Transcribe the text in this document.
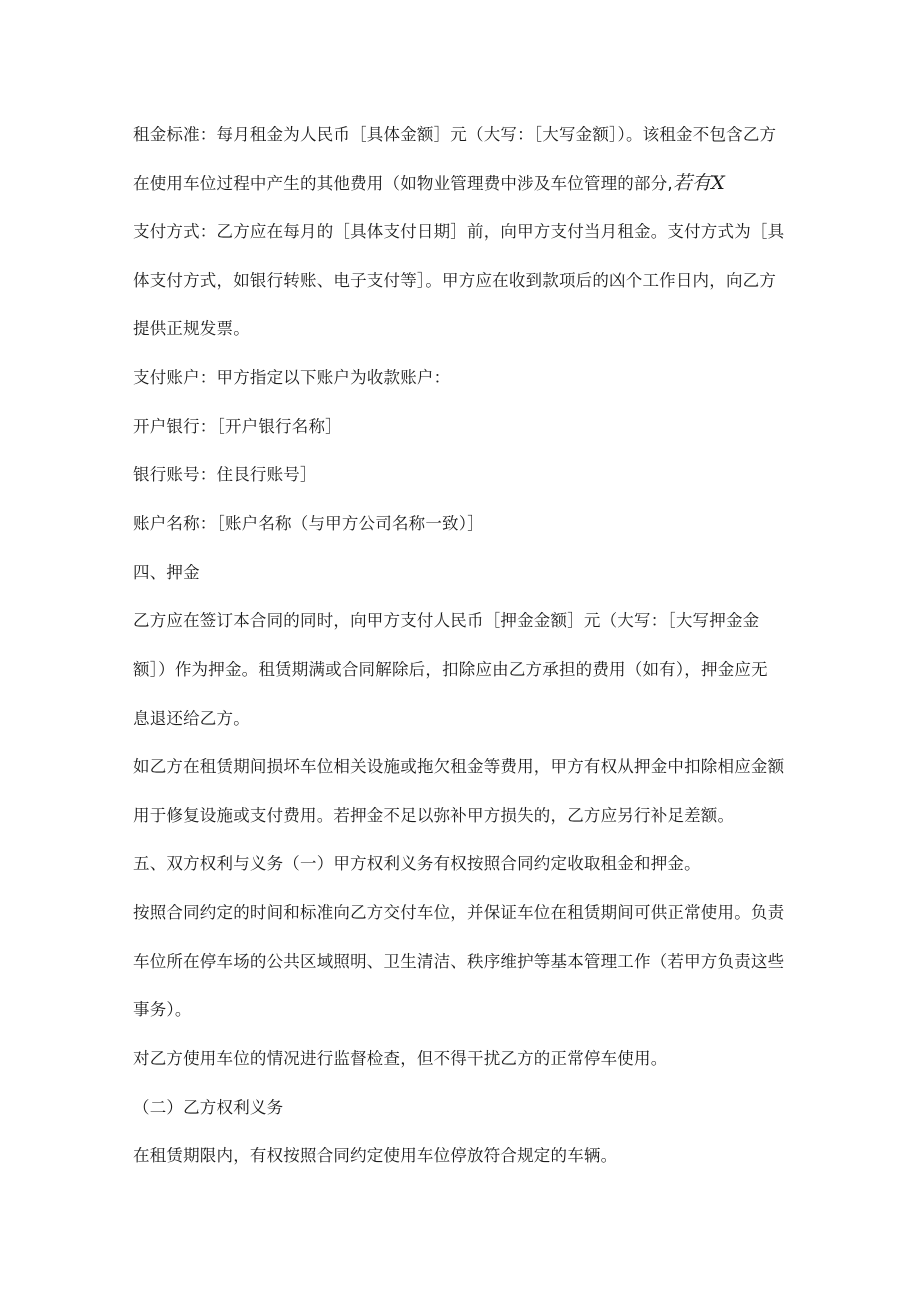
租金标准：每月租金为人民币［具体金额］元（大写：［大写金额］）。该租金不包含乙方
在使用车位过程中产生的其他费用（如物业管理费中涉及车位管理的部分,若有X
支付方式：乙方应在每月的［具体支付日期］前，向甲方支付当月租金。支付方式为［具
体支付方式，如银行转账、电子支付等］。甲方应在收到款项后的凶个工作日内，向乙方
提供正规发票。
支付账户：甲方指定以下账户为收款账户：
开户银行：［开户银行名称］
银行账号：住艮行账号］
账户名称：［账户名称（与甲方公司名称一致）］
四、押金
乙方应在签订本合同的同时，向甲方支付人民币［押金金额］元（大写：［大写押金金
额］）作为押金。租赁期满或合同解除后，扣除应由乙方承担的费用（如有），押金应无
息退还给乙方。
如乙方在租赁期间损坏车位相关设施或拖欠租金等费用，甲方有权从押金中扣除相应金额
用于修复设施或支付费用。若押金不足以弥补甲方损失的，乙方应另行补足差额。
五、双方权利与义务（一）甲方权利义务有权按照合同约定收取租金和押金。
按照合同约定的时间和标准向乙方交付车位，并保证车位在租赁期间可供正常使用。负责
车位所在停车场的公共区域照明、卫生清洁、秩序维护等基本管理工作（若甲方负责这些
事务）。
对乙方使用车位的情况进行监督检查，但不得干扰乙方的正常停车使用。
（二）乙方权利义务
在租赁期限内，有权按照合同约定使用车位停放符合规定的车辆。
